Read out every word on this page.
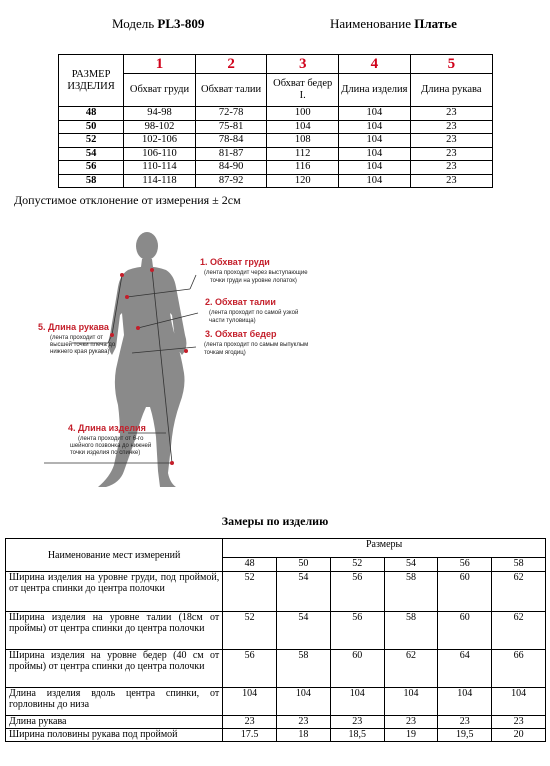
Модель PL3-809	Наименование Платье
РАЗМЕР ИЗДЕЛИЯ	1	2	3	4	5
	Обхват груди	Обхват талии	Обхват бедер I.	Длина изделия	Длина рукава
48	94-98	72-78	100	104	23
50	98-102	75-81	104	104	23
52	102-106	78-84	108	104	23
54	106-110	81-87	112	104	23
56	110-114	84-90	116	104	23
58	114-118	87-92	120	104	23
Допустимое отклонение от измерения ± 2см
1. Обхват груди
(лента проходит через выступающие
точки груди на уровне лопаток)
2. Обхват талии
(лента проходит по самой узкой
части туловища)
3. Обхват бедер
(лента проходит по самым выпуклым
точкам ягодиц)
5. Длина рукава
(лента проходит от
высшей точки плеча до
нижнего края рукава)
4. Длина изделия
(лента проходит от 6-го
шейного позвонка до нижней
точки изделия по спинке)
Замеры по изделию
Наименование мест измерений	Размеры					
	48	50	52	54	56	58
Ширина изделия на уровне груди, под проймой, от центра спинки до центра полочки	52	54	56	58	60	62
Ширина изделия на уровне талии (18см от проймы) от центра спинки до центра полочки	52	54	56	58	60	62
Ширина изделия на уровне бедер (40 см от проймы) от центра спинки до центра полочки	56	58	60	62	64	66
Длина изделия вдоль центра спинки, от горловины до низа	104	104	104	104	104	104
Длина рукава	23	23	23	23	23	23
Ширина половины рукава под проймой	17.5	18	18,5	19	19,5	20
